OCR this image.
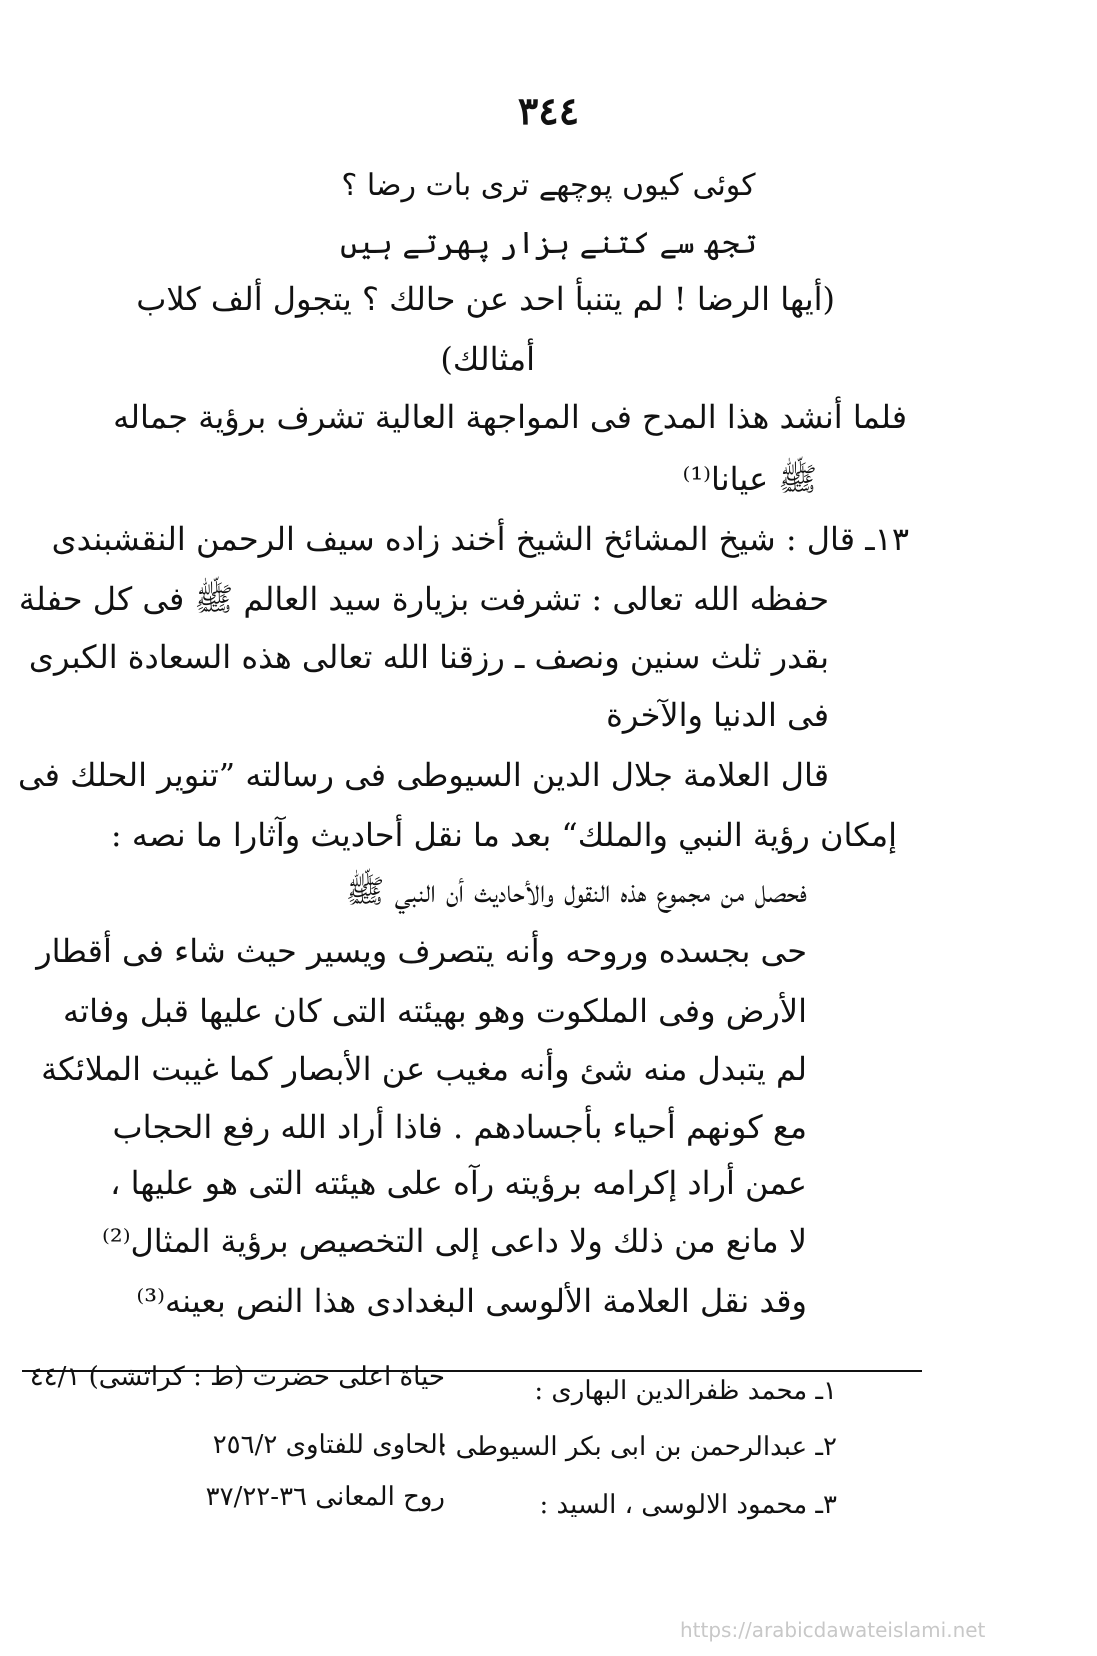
٣٤٤
کوئی کیوں پوچھے تری بات رضا ؟
تجھ سے کتنے ہزار پھرتے ہیں
(أيها الرضا ! لم يتنبأ احد عن حالك ؟ يتجول ألف كلاب
أمثالك)
فلما أنشد هذا المدح فى المواجهة العالية تشرف برؤية جماله
ﷺ عيانا⁽¹⁾
١٣ـ قال : شيخ المشائخ الشيخ أخند زاده سيف الرحمن النقشبندى
حفظه الله تعالى : تشرفت بزيارة سيد العالم ﷺ فى كل حفلة
بقدر ثلث سنين ونصف ـ رزقنا الله تعالى هذه السعادة الكبرى
فى الدنيا والآخرة
قال العلامة جلال الدين السيوطى فى رسالته ”تنوير الحلك فى
إمكان رؤية النبي والملك“ بعد ما نقل أحاديث وآثارا ما نصه :
فحصل من مجموع هذه النقول والأحاديث أن النبي ﷺ
حى بجسده وروحه وأنه يتصرف ويسير حيث شاء فى أقطار
الأرض وفى الملكوت وهو بهيئته التى كان عليها قبل وفاته
لم يتبدل منه شئ وأنه مغيب عن الأبصار كما غيبت الملائكة
مع كونهم أحياء بأجسادهم . فاذا أراد الله رفع الحجاب
عمن أراد إكرامه برؤيته رآه على هيئته التى هو عليها ،
لا مانع من ذلك ولا داعى إلى التخصيص برؤية المثال⁽²⁾
وقد نقل العلامة الألوسى البغدادى هذا النص بعينه⁽³⁾
١ـ محمد ظفرالدين البهارى :
حياة اعلى حضرت (ط : كراتشى) ٤٤/١
٢ـ عبدالرحمن بن ابى بكر السيوطى :
الحاوى للفتاوى ٢٥٦/٢
٣ـ محمود الالوسى ، السيد :
روح المعانى ٣٦-٣٧/٢٢
https://arabicdawateislami.net
